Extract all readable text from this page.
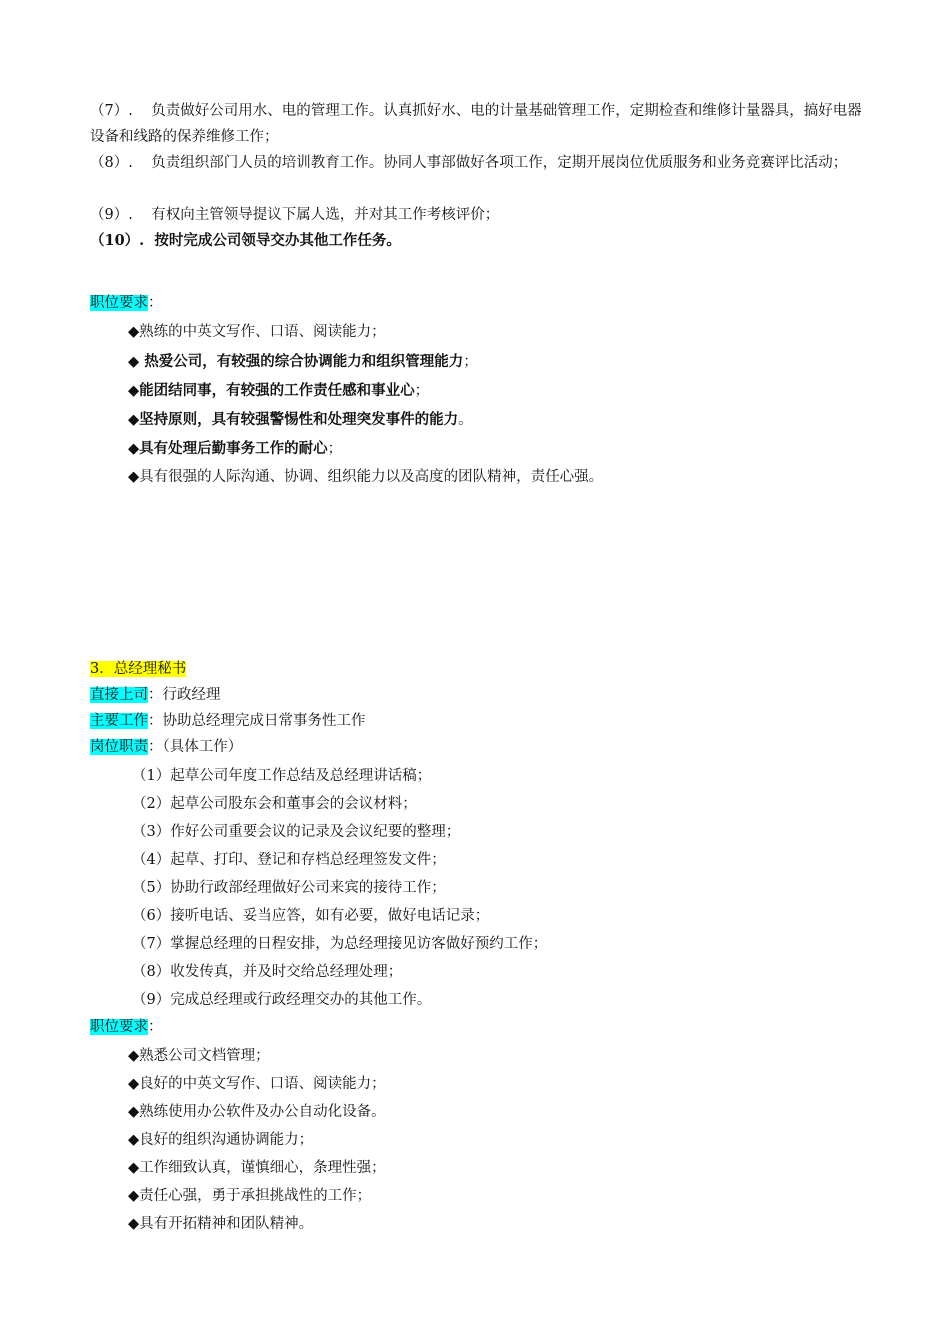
（7）. 负责做好公司用水、电的管理工作。认真抓好水、电的计量基础管理工作，定期检查和维修计量器具，搞好电器设备和线路的保养维修工作；
（8）. 负责组织部门人员的培训教育工作。协同人事部做好各项工作，定期开展岗位优质服务和业务竞赛评比活动；
（9）. 有权向主管领导提议下属人选，并对其工作考核评价；
（10）. 按时完成公司领导交办其他工作任务。
职位要求：
◆熟练的中英文写作、口语、阅读能力；
◆ 热爱公司，有较强的综合协调能力和组织管理能力；
◆能团结同事，有较强的工作责任感和事业心；
◆坚持原则，具有较强警惕性和处理突发事件的能力。
◆具有处理后勤事务工作的耐心；
◆具有很强的人际沟通、协调、组织能力以及高度的团队精神，责任心强。
3．总经理秘书
直接上司：行政经理
主要工作：协助总经理完成日常事务性工作
岗位职责：（具体工作）
（1）起草公司年度工作总结及总经理讲话稿；
（2）起草公司股东会和董事会的会议材料；
（3）作好公司重要会议的记录及会议纪要的整理；
（4）起草、打印、登记和存档总经理签发文件；
（5）协助行政部经理做好公司来宾的接待工作；
（6）接听电话、妥当应答，如有必要，做好电话记录；
（7）掌握总经理的日程安排，为总经理接见访客做好预约工作；
（8）收发传真，并及时交给总经理处理；
（9）完成总经理或行政经理交办的其他工作。
职位要求：
◆熟悉公司文档管理；
◆良好的中英文写作、口语、阅读能力；
◆熟练使用办公软件及办公自动化设备。
◆良好的组织沟通协调能力；
◆工作细致认真，谨慎细心，条理性强；
◆责任心强，勇于承担挑战性的工作；
◆具有开拓精神和团队精神。
